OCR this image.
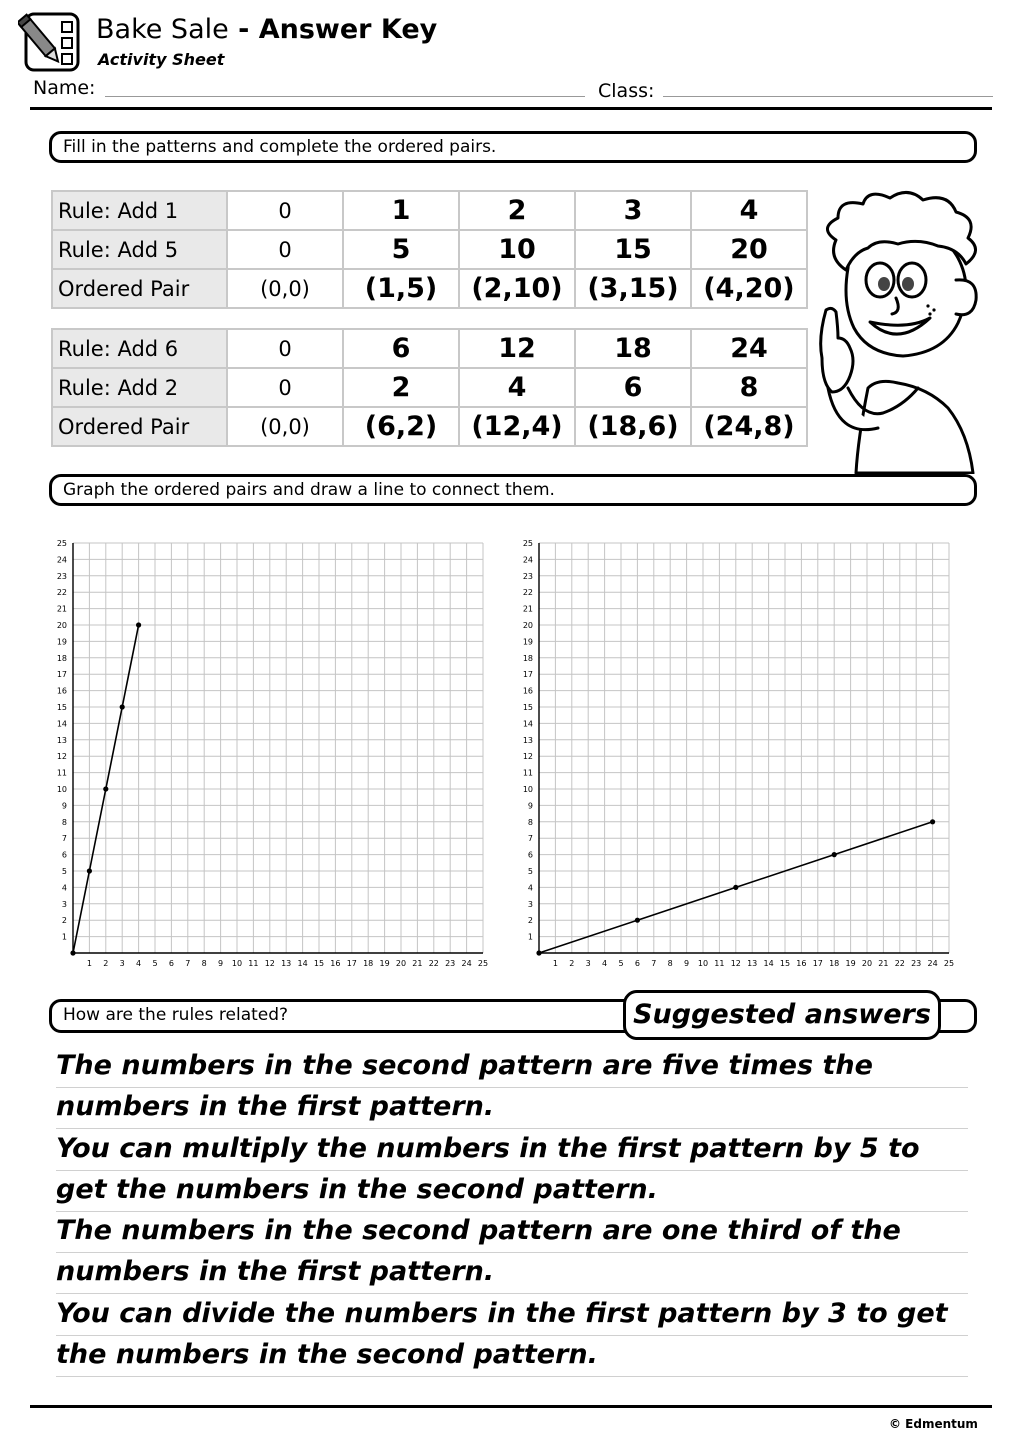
Bake Sale - Answer Key
Activity Sheet
Name:	Class:
Fill in the patterns and complete the ordered pairs.
Rule: Add 1	0	1	2	3	4
Rule: Add 5	0	5	10	15	20
Ordered Pair	(0,0)	(1,5)	(2,10)	(3,15)	(4,20)
Rule: Add 6	0	6	12	18	24
Rule: Add 2	0	2	4	6	8
Ordered Pair	(0,0)	(6,2)	(12,4)	(18,6)	(24,8)
Graph the ordered pairs and draw a line to connect them.
1 2 3 4 5 6 7 8 9 10 11 12 13 14 15 16 17 18 19 20 21 22 23 24 25
1
2
3
4
5
6
7
8
9
10
11
12
13
14
15
16
17
18
19
20
21
22
23
24
25
1 2 3 4 5 6 7 8 9 10 11 12 13 14 15 16 17 18 19 20 21 22 23 24 25
1
2
3
4
5
6
7
8
9
10
11
12
13
14
15
16
17
18
19
20
21
22
23
24
25
How are the rules related?	Suggested answers
The numbers in the second pattern are five times the
numbers in the first pattern.
You can multiply the numbers in the first pattern by 5 to
get the numbers in the second pattern.
The numbers in the second pattern are one third of the
numbers in the first pattern.
You can divide the numbers in the first pattern by 3 to get
the numbers in the second pattern.
© Edmentum
